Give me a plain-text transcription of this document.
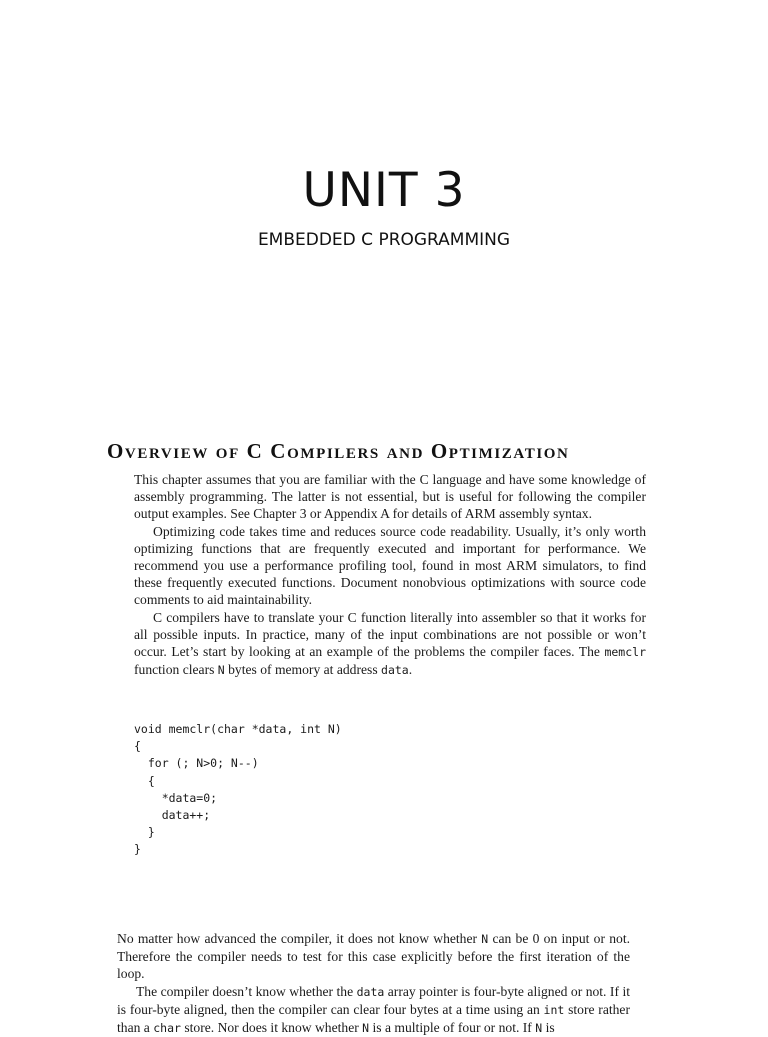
UNIT 3
EMBEDDED C PROGRAMMING
Overview of C Compilers and Optimization

This chapter assumes that you are familiar with the C language and have some knowledge of assembly programming. The latter is not essential, but is useful for following the compiler output examples. See Chapter 3 or Appendix A for details of ARM assembly syntax.

Optimizing code takes time and reduces source code readability. Usually, it’s only worth optimizing functions that are frequently executed and important for performance. We recommend you use a performance profiling tool, found in most ARM simulators, to find these frequently executed functions. Document nonobvious optimizations with source code comments to aid maintainability.

C compilers have to translate your C function literally into assembler so that it works for all possible inputs. In practice, many of the input combinations are not possible or won’t occur. Let’s start by looking at an example of the problems the compiler faces. The memclr function clears N bytes of memory at address data.

void memclr(char *data, int N)
{
for (; N>0; N--)
{
*data=0;
data++;
}
}

No matter how advanced the compiler, it does not know whether N can be 0 on input or not. Therefore the compiler needs to test for this case explicitly before the first iteration of the loop.

The compiler doesn’t know whether the data array pointer is four-byte aligned or not. If it is four-byte aligned, then the compiler can clear four bytes at a time using an int store rather than a char store. Nor does it know whether N is a multiple of four or not. If N is
